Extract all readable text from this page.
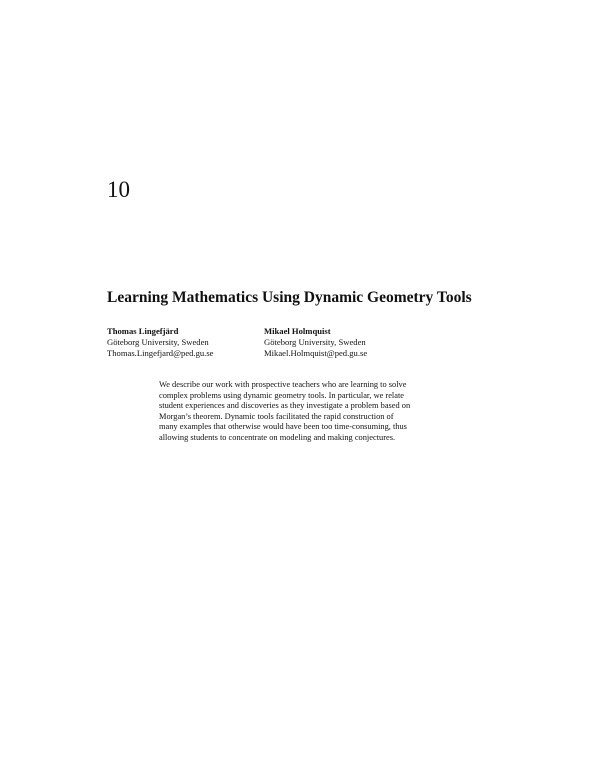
10
Learning Mathematics Using Dynamic Geometry Tools
Thomas Lingefjärd
Göteborg University, Sweden
Thomas.Lingefjard@ped.gu.se
Mikael Holmquist
Göteborg University, Sweden
Mikael.Holmquist@ped.gu.se
We describe our work with prospective teachers who are learning to solve
complex problems using dynamic geometry tools. In particular, we relate
student experiences and discoveries as they investigate a problem based on
Morgan’s theorem. Dynamic tools facilitated the rapid construction of
many examples that otherwise would have been too time-consuming, thus
allowing students to concentrate on modeling and making conjectures.
